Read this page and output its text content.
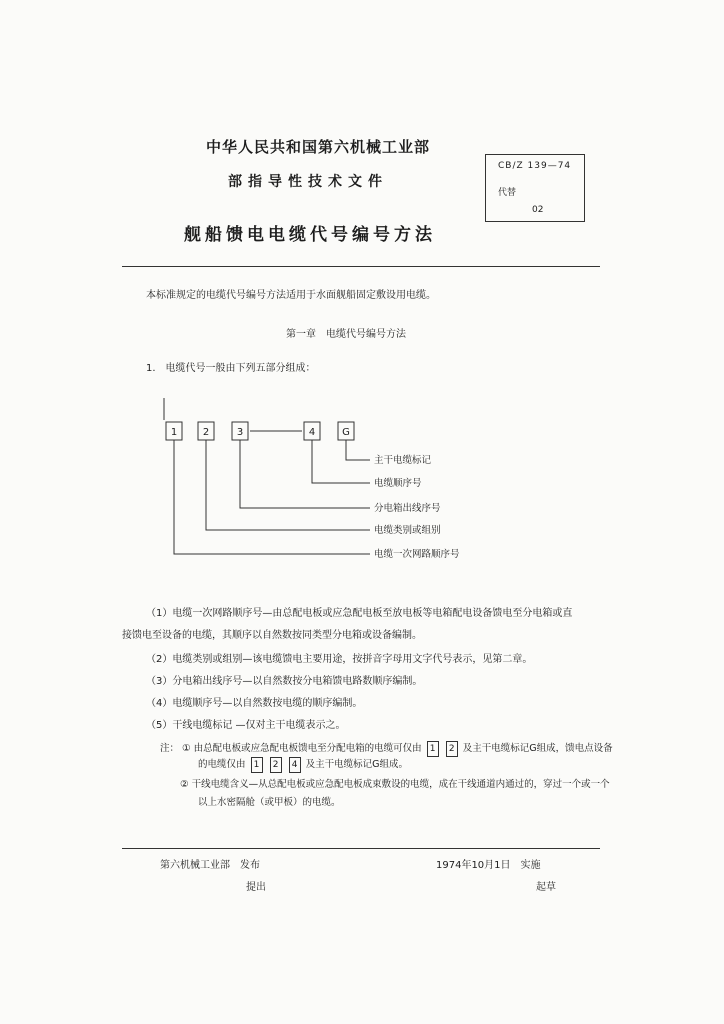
中华人民共和国第六机械工业部
部指导性技术文件
舰船馈电电缆代号编号方法
CB/Z 139—74
代替
02
本标准规定的电缆代号编号方法适用于水面舰船固定敷设用电缆。
第一章　电缆代号编号方法
1.　电缆代号一般由下列五部分组成：
1	2	3	4	G
主干电缆标记
电缆顺序号
分电箱出线序号
电缆类别或组别
电缆一次网路顺序号
（1）电缆一次网路顺序号—由总配电板或应急配电板至放电板等电箱配电设备馈电至分电箱或直
接馈电至设备的电缆，其顺序以自然数按同类型分电箱或设备编制。
（2）电缆类别或组别—该电缆馈电主要用途，按拼音字母用文字代号表示，见第二章。
（3）分电箱出线序号—以自然数按分电箱馈电路数顺序编制。
（4）电缆顺序号—以自然数按电缆的顺序编制。
（5）干线电缆标记 —仅对主干电缆表示之。
注： ① 由总配电板或应急配电板馈电至分配电箱的电缆可仅由 1 2 及主干电缆标记G组成，馈电点设备
的电缆仅由 1 2 4 及主干电缆标记G组成。
② 干线电缆含义—从总配电板或应急配电板成束敷设的电缆，成在干线通道内通过的，穿过一个或一个
以上水密隔舱（或甲板）的电缆。
第六机械工业部　发布	1974年10月1日　实施
提出	起草
